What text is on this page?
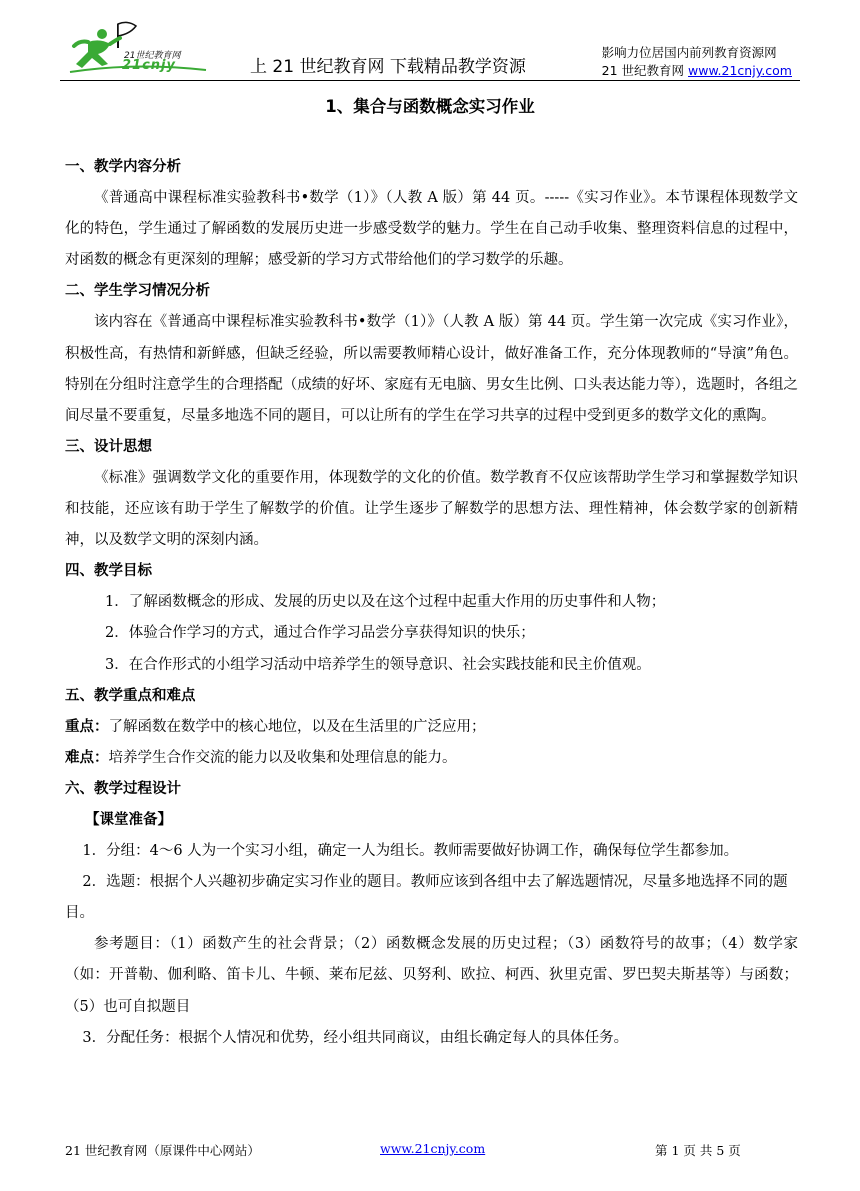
21世纪教育网
21cnjy	上 21 世纪教育网 下载精品教学资源
影响力位居国内前列教育资源网
21 世纪教育网 www.21cnjy.com
1、集合与函数概念实习作业
一、教学内容分析
《普通高中课程标准实验教科书•数学（1）》（人教 A 版）第 44 页。-----《实习作业》。本节课程体现数学文化的特色，学生通过了解函数的发展历史进一步感受数学的魅力。学生在自己动手收集、整理资料信息的过程中，对函数的概念有更深刻的理解；感受新的学习方式带给他们的学习数学的乐趣。
二、学生学习情况分析
该内容在《普通高中课程标准实验教科书•数学（1）》（人教 A 版）第 44 页。学生第一次完成《实习作业》，积极性高，有热情和新鲜感，但缺乏经验，所以需要教师精心设计，做好准备工作，充分体现教师的“导演”角色。特别在分组时注意学生的合理搭配（成绩的好坏、家庭有无电脑、男女生比例、口头表达能力等），选题时，各组之间尽量不要重复，尽量多地选不同的题目，可以让所有的学生在学习共享的过程中受到更多的数学文化的熏陶。
三、设计思想
《标准》强调数学文化的重要作用，体现数学的文化的价值。数学教育不仅应该帮助学生学习和掌握数学知识和技能，还应该有助于学生了解数学的价值。让学生逐步了解数学的思想方法、理性精神，体会数学家的创新精神，以及数学文明的深刻内涵。
四、教学目标
1．了解函数概念的形成、发展的历史以及在这个过程中起重大作用的历史事件和人物；
2．体验合作学习的方式，通过合作学习品尝分享获得知识的快乐；
3．在合作形式的小组学习活动中培养学生的领导意识、社会实践技能和民主价值观。
五、教学重点和难点
重点：了解函数在数学中的核心地位，以及在生活里的广泛应用；
难点：培养学生合作交流的能力以及收集和处理信息的能力。
六、教学过程设计
【课堂准备】
1．分组：4～6 人为一个实习小组，确定一人为组长。教师需要做好协调工作，确保每位学生都参加。
2．选题：根据个人兴趣初步确定实习作业的题目。教师应该到各组中去了解选题情况，尽量多地选择不同的题目。
参考题目：（1）函数产生的社会背景；（2）函数概念发展的历史过程；（3）函数符号的故事；（4）数学家（如：开普勒、伽利略、笛卡儿、牛顿、莱布尼兹、贝努利、欧拉、柯西、狄里克雷、罗巴契夫斯基等）与函数；（5）也可自拟题目
3．分配任务：根据个人情况和优势，经小组共同商议，由组长确定每人的具体任务。
21 世纪教育网（原课件中心网站）	www.21cnjy.com	第 1 页 共 5 页
